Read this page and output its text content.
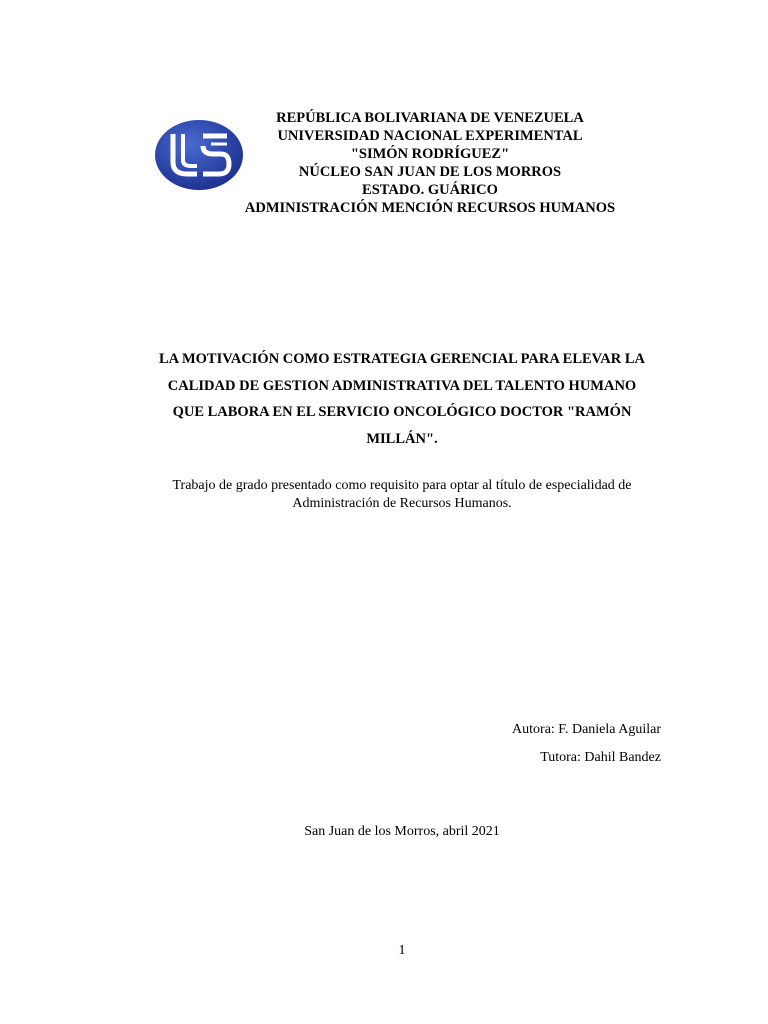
REPÚBLICA BOLIVARIANA DE VENEZUELA
UNIVERSIDAD NACIONAL EXPERIMENTAL
"SIMÓN RODRÍGUEZ"
NÚCLEO SAN JUAN DE LOS MORROS
ESTADO. GUÁRICO
ADMINISTRACIÓN MENCIÓN RECURSOS HUMANOS
LA MOTIVACIÓN COMO ESTRATEGIA GERENCIAL PARA ELEVAR LA
CALIDAD DE GESTION ADMINISTRATIVA DEL TALENTO HUMANO
QUE LABORA EN EL SERVICIO ONCOLÓGICO DOCTOR "RAMÓN
MILLÁN".
Trabajo de grado presentado como requisito para optar al título de especialidad de
Administración de Recursos Humanos.
Autora: F. Daniela Aguilar
Tutora: Dahil Bandez
San Juan de los Morros, abril 2021
1
